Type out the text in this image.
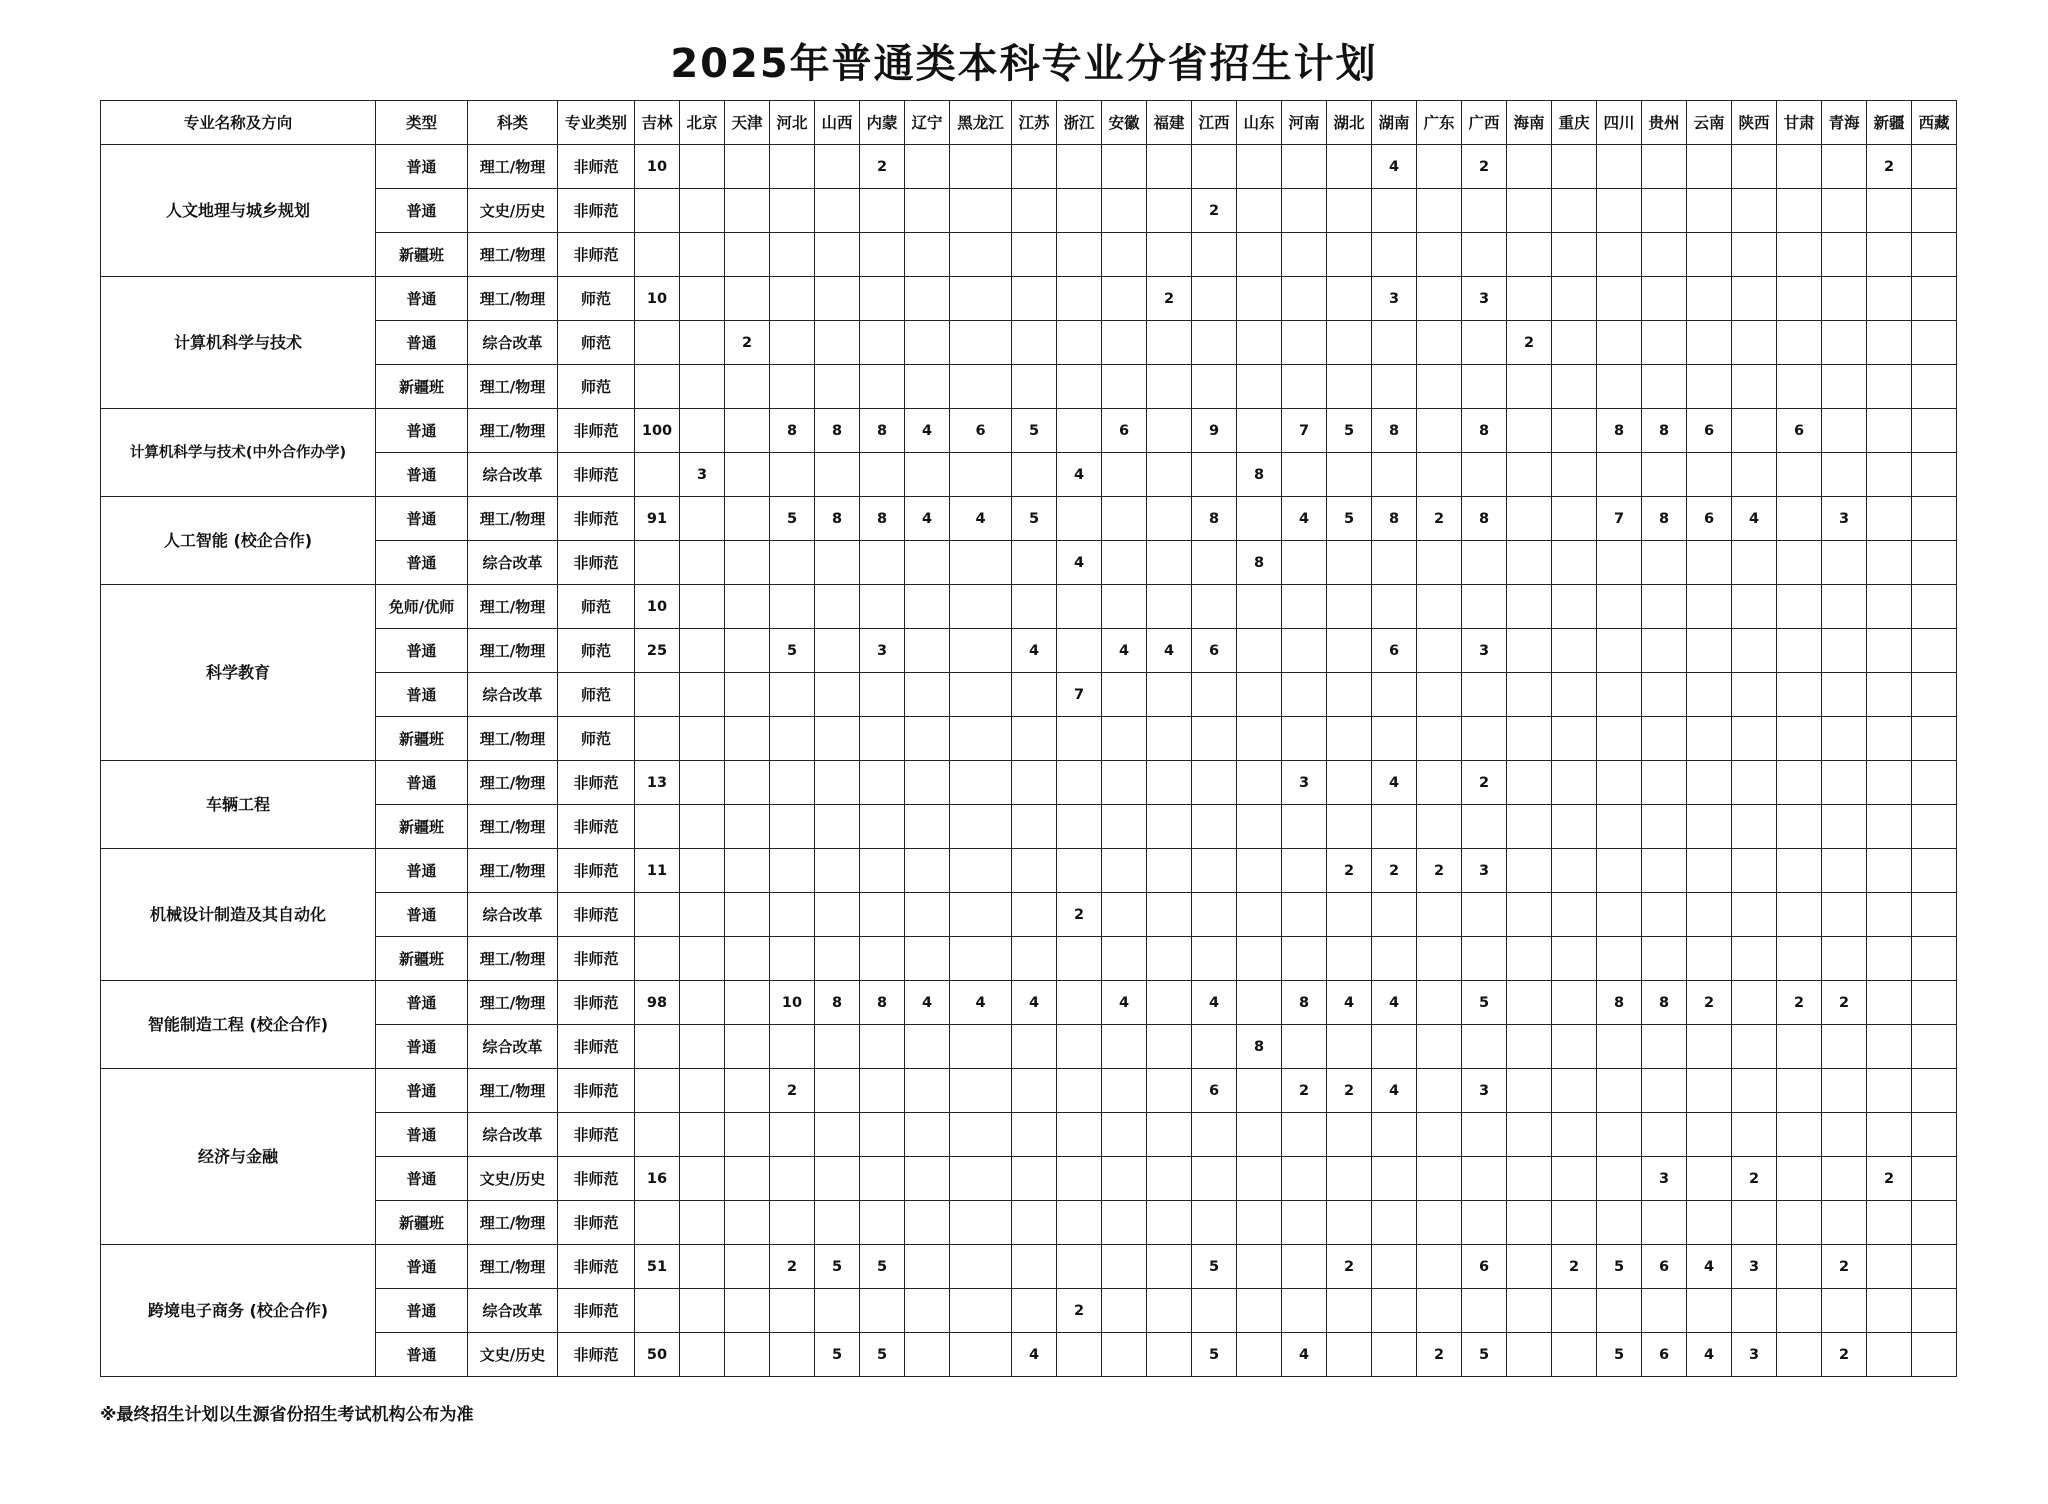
2025年普通类本科专业分省招生计划
专业名称及方向	类型	科类	专业类别	吉林	北京	天津	河北	山西	内蒙	辽宁	黑龙江	江苏	浙江	安徽	福建	江西	山东	河南	湖北	湖南	广东	广西	海南	重庆	四川	贵州	云南	陕西	甘肃	青海	新疆	西藏
人文地理与城乡规划	普通	理工/物理	非师范	10					2											4		2									2	
	普通	文史/历史	非师范													2																
	新疆班	理工/物理	非师范																													
计算机科学与技术	普通	理工/物理	师范	10											2					3		3										
	普通	综合改革	师范			2																	2									
	新疆班	理工/物理	师范																													
计算机科学与技术(中外合作办学)	普通	理工/物理	非师范	100			8	8	8	4	6	5		6		9		7	5	8		8			8	8	6		6			
	普通	综合改革	非师范		3								4				8															
人工智能 (校企合作)	普通	理工/物理	非师范	91			5	8	8	4	4	5				8		4	5	8	2	8			7	8	6	4		3		
	普通	综合改革	非师范										4				8															
科学教育	免师/优师	理工/物理	师范	10																												
	普通	理工/物理	师范	25			5		3			4		4	4	6				6		3										
	普通	综合改革	师范										7																			
	新疆班	理工/物理	师范																													
车辆工程	普通	理工/物理	非师范	13														3		4		2										
	新疆班	理工/物理	非师范																													
机械设计制造及其自动化	普通	理工/物理	非师范	11															2	2	2	3										
	普通	综合改革	非师范										2																			
	新疆班	理工/物理	非师范																													
智能制造工程 (校企合作)	普通	理工/物理	非师范	98			10	8	8	4	4	4		4		4		8	4	4		5			8	8	2		2	2		
	普通	综合改革	非师范														8															
经济与金融	普通	理工/物理	非师范				2									6		2	2	4		3										
	普通	综合改革	非师范																													
	普通	文史/历史	非师范	16																						3		2			2	
	新疆班	理工/物理	非师范																													
跨境电子商务 (校企合作)	普通	理工/物理	非师范	51			2	5	5							5			2			6		2	5	6	4	3		2		
	普通	综合改革	非师范										2																			
	普通	文史/历史	非师范	50				5	5			4				5		4			2	5			5	6	4	3		2		
※最终招生计划以生源省份招生考试机构公布为准
